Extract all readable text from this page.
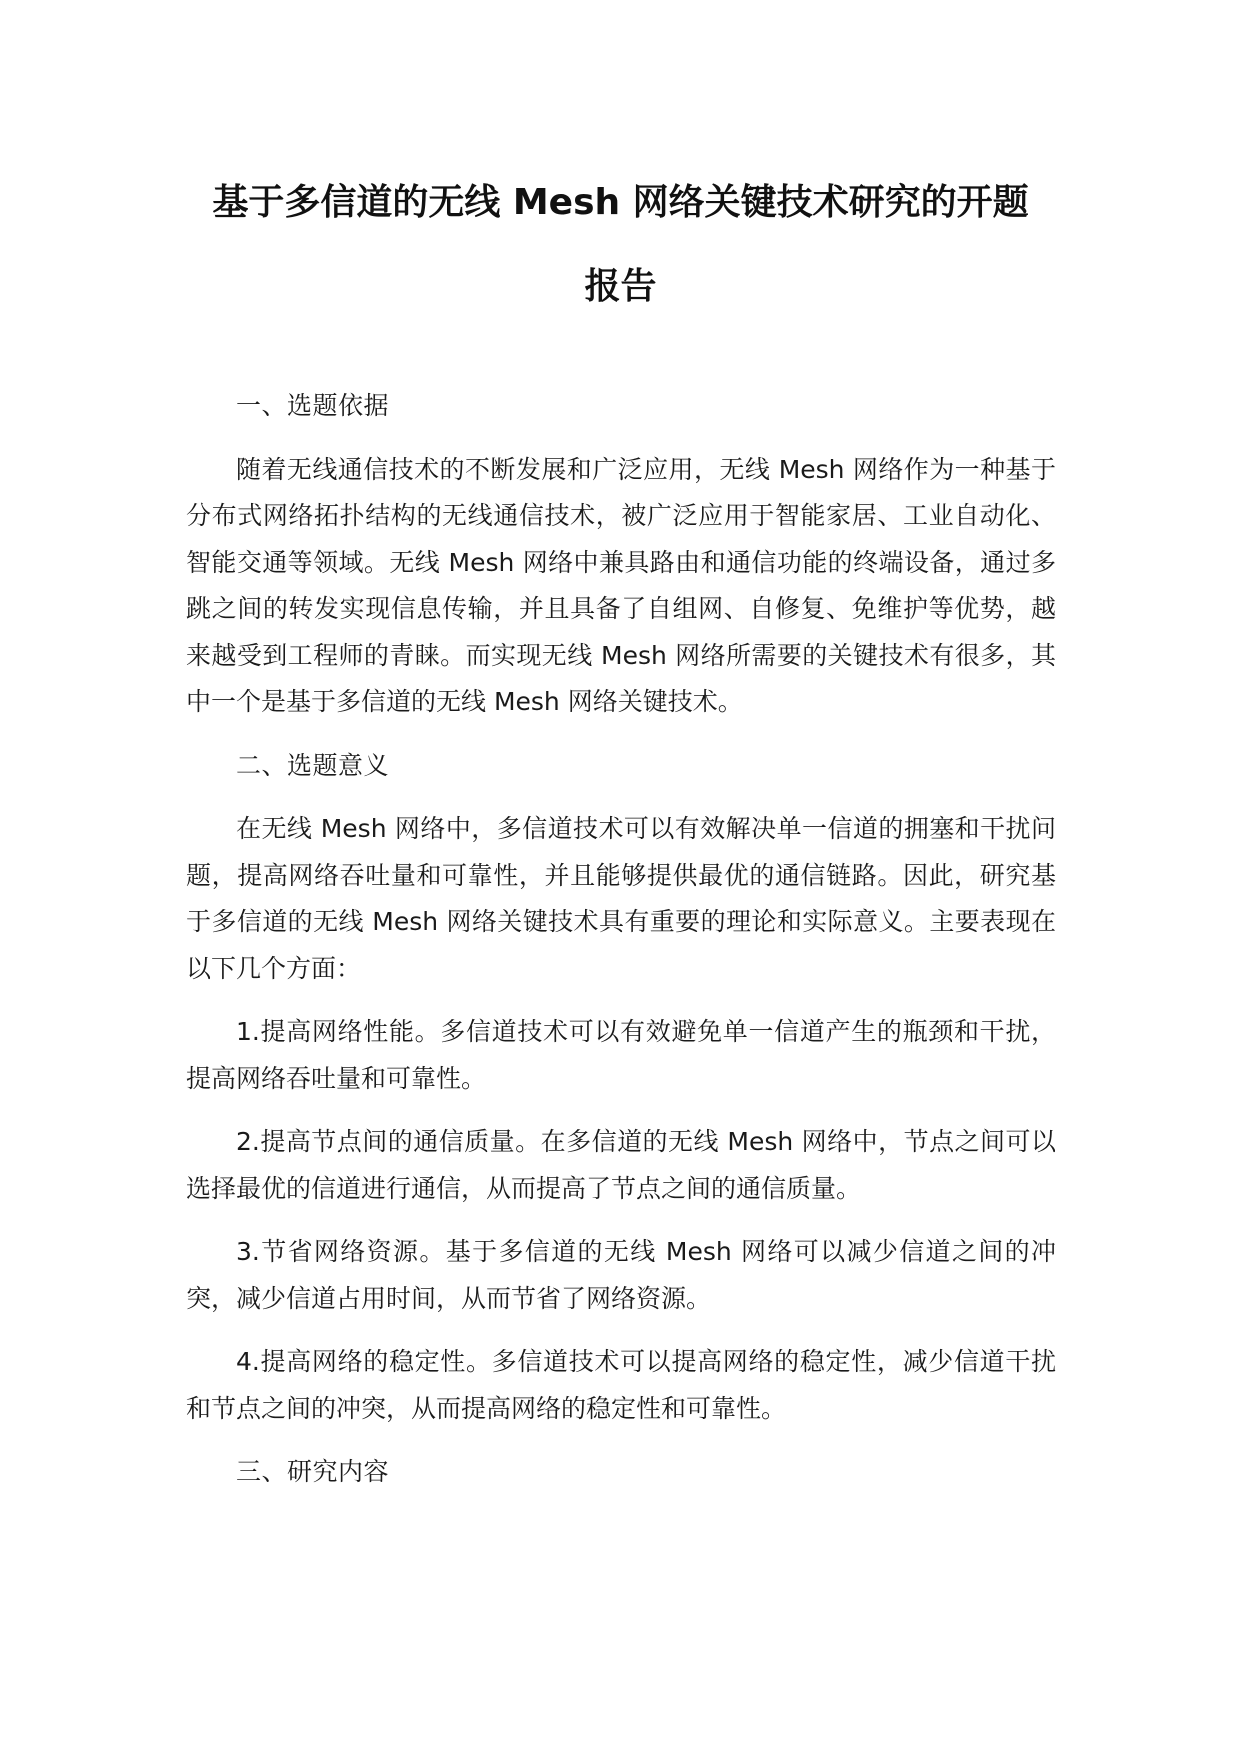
基于多信道的无线 Mesh 网络关键技术研究的开题
报告

一、选题依据

随着无线通信技术的不断发展和广泛应用，无线 Mesh 网络作为一种基于分布式网络拓扑结构的无线通信技术，被广泛应用于智能家居、工业自动化、智能交通等领域。无线 Mesh 网络中兼具路由和通信功能的终端设备，通过多跳之间的转发实现信息传输，并且具备了自组网、自修复、免维护等优势，越来越受到工程师的青睐。而实现无线 Mesh 网络所需要的关键技术有很多，其中一个是基于多信道的无线 Mesh 网络关键技术。

二、选题意义

在无线 Mesh 网络中，多信道技术可以有效解决单一信道的拥塞和干扰问题，提高网络吞吐量和可靠性，并且能够提供最优的通信链路。因此，研究基于多信道的无线 Mesh 网络关键技术具有重要的理论和实际意义。主要表现在以下几个方面：

1.提高网络性能。多信道技术可以有效避免单一信道产生的瓶颈和干扰，提高网络吞吐量和可靠性。

2.提高节点间的通信质量。在多信道的无线 Mesh 网络中，节点之间可以选择最优的信道进行通信，从而提高了节点之间的通信质量。

3.节省网络资源。基于多信道的无线 Mesh 网络可以减少信道之间的冲突，减少信道占用时间，从而节省了网络资源。

4.提高网络的稳定性。多信道技术可以提高网络的稳定性，减少信道干扰和节点之间的冲突，从而提高网络的稳定性和可靠性。

三、研究内容
